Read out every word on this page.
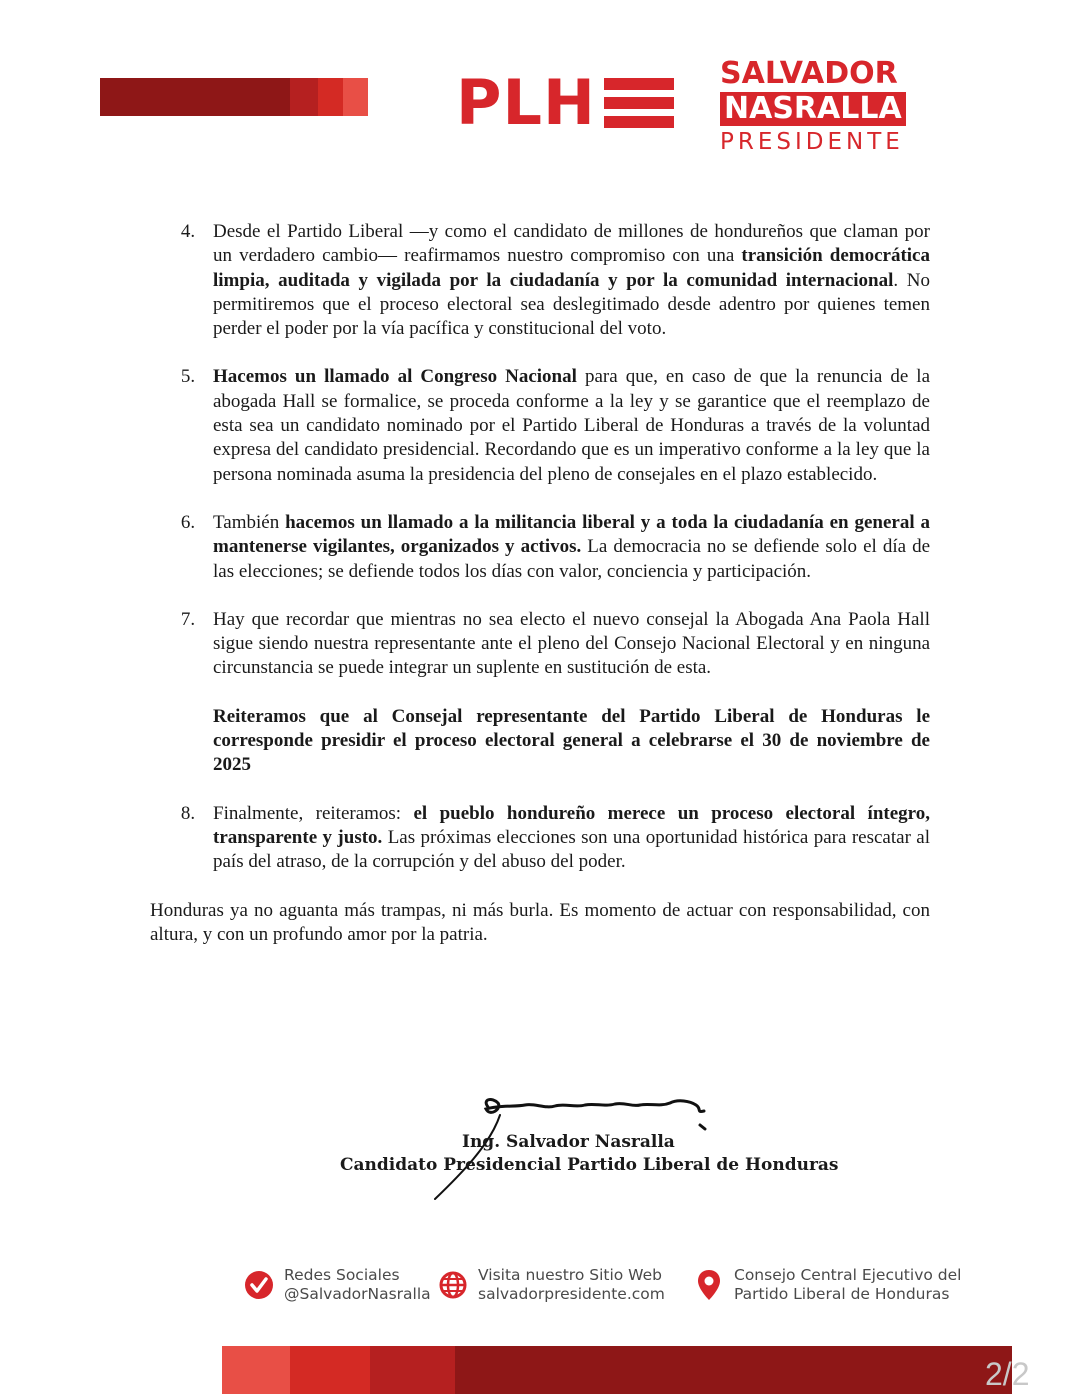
PLH	SALVADOR
NASRALLA
PRESIDENTE
4. Desde el Partido Liberal —y como el candidato de millones de hondureños que claman por un verdadero cambio— reafirmamos nuestro compromiso con una transición democrática limpia, auditada y vigilada por la ciudadanía y por la comunidad internacional. No permitiremos que el proceso electoral sea deslegitimado desde adentro por quienes temen perder el poder por la vía pacífica y constitucional del voto.
5. Hacemos un llamado al Congreso Nacional para que, en caso de que la renuncia de la abogada Hall se formalice, se proceda conforme a la ley y se garantice que el reemplazo de esta sea un candidato nominado por el Partido Liberal de Honduras a través de la voluntad expresa del candidato presidencial. Recordando que es un imperativo conforme a la ley que la persona nominada asuma la presidencia del pleno de consejales en el plazo establecido.
6. También hacemos un llamado a la militancia liberal y a toda la ciudadanía en general a mantenerse vigilantes, organizados y activos. La democracia no se defiende solo el día de las elecciones; se defiende todos los días con valor, conciencia y participación.
7. Hay que recordar que mientras no sea electo el nuevo consejal la Abogada Ana Paola Hall sigue siendo nuestra representante ante el pleno del Consejo Nacional Electoral y en ninguna circunstancia se puede integrar un suplente en sustitución de esta.
Reiteramos que al Consejal representante del Partido Liberal de Honduras le corresponde presidir el proceso electoral general a celebrarse el 30 de noviembre de 2025
8. Finalmente, reiteramos: el pueblo hondureño merece un proceso electoral íntegro, transparente y justo. Las próximas elecciones son una oportunidad histórica para rescatar al país del atraso, de la corrupción y del abuso del poder.
Honduras ya no aguanta más trampas, ni más burla. Es momento de actuar con responsabilidad, con altura, y con un profundo amor por la patria.
Ing. Salvador Nasralla
Candidato Presidencial Partido Liberal de Honduras
Redes Sociales
@SalvadorNasralla
Visita nuestro Sitio Web
salvadorpresidente.com
Consejo Central Ejecutivo del
Partido Liberal de Honduras
2/2
